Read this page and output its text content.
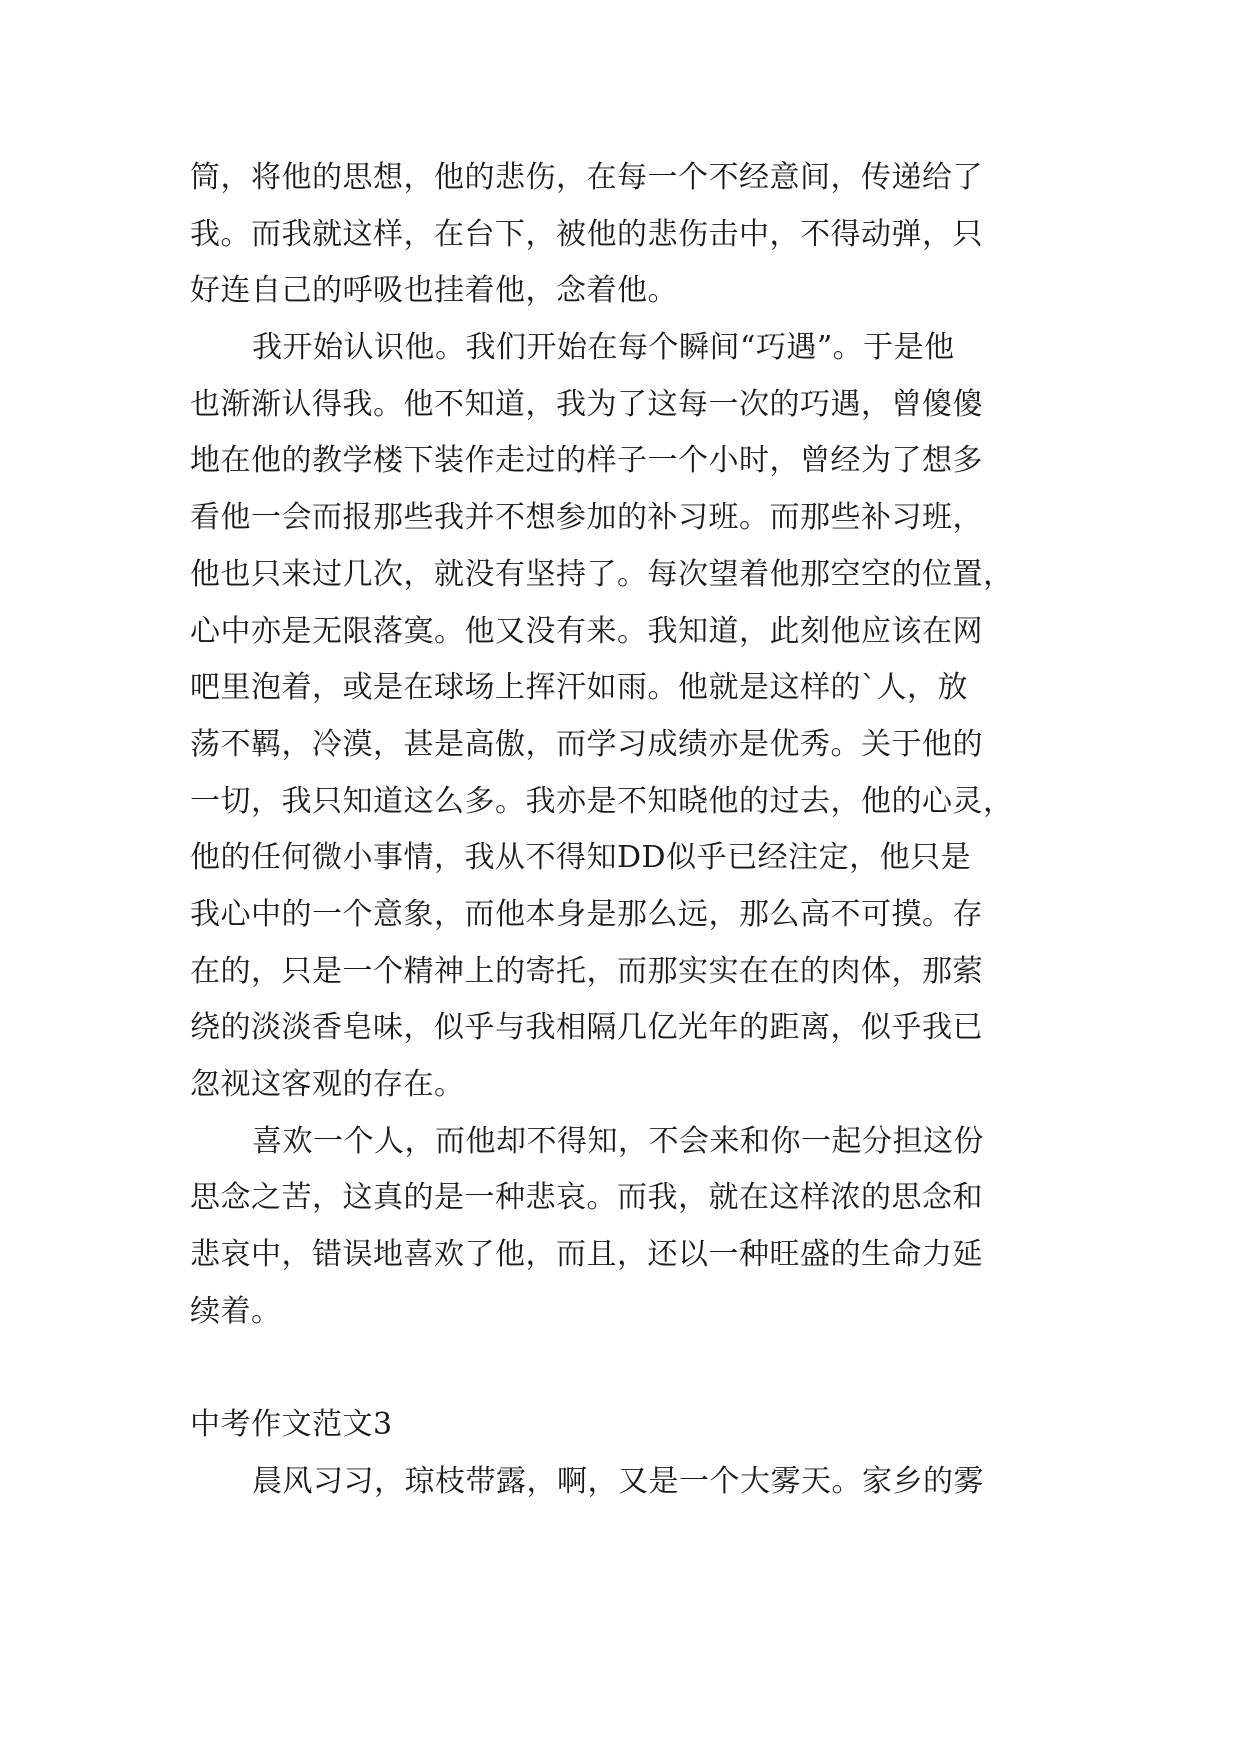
筒，将他的思想，他的悲伤，在每一个不经意间，传递给了
我。而我就这样，在台下，被他的悲伤击中，不得动弹，只
好连自己的呼吸也挂着他，念着他。
我开始认识他。我们开始在每个瞬间“巧遇”。于是他
也渐渐认得我。他不知道，我为了这每一次的巧遇，曾傻傻
地在他的教学楼下装作走过的样子一个小时，曾经为了想多
看他一会而报那些我并不想参加的补习班。而那些补习班，
他也只来过几次，就没有坚持了。每次望着他那空空的位置，
心中亦是无限落寞。他又没有来。我知道，此刻他应该在网
吧里泡着，或是在球场上挥汗如雨。他就是这样的`人，放
荡不羁，冷漠，甚是高傲，而学习成绩亦是优秀。关于他的
一切，我只知道这么多。我亦是不知晓他的过去，他的心灵，
他的任何微小事情，我从不得知DD似乎已经注定，他只是
我心中的一个意象，而他本身是那么远，那么高不可摸。存
在的，只是一个精神上的寄托，而那实实在在的肉体，那萦
绕的淡淡香皂味，似乎与我相隔几亿光年的距离，似乎我已
忽视这客观的存在。
喜欢一个人，而他却不得知，不会来和你一起分担这份
思念之苦，这真的是一种悲哀。而我，就在这样浓的思念和
悲哀中，错误地喜欢了他，而且，还以一种旺盛的生命力延
续着。
中考作文范文3
晨风习习，琼枝带露，啊，又是一个大雾天。家乡的雾
